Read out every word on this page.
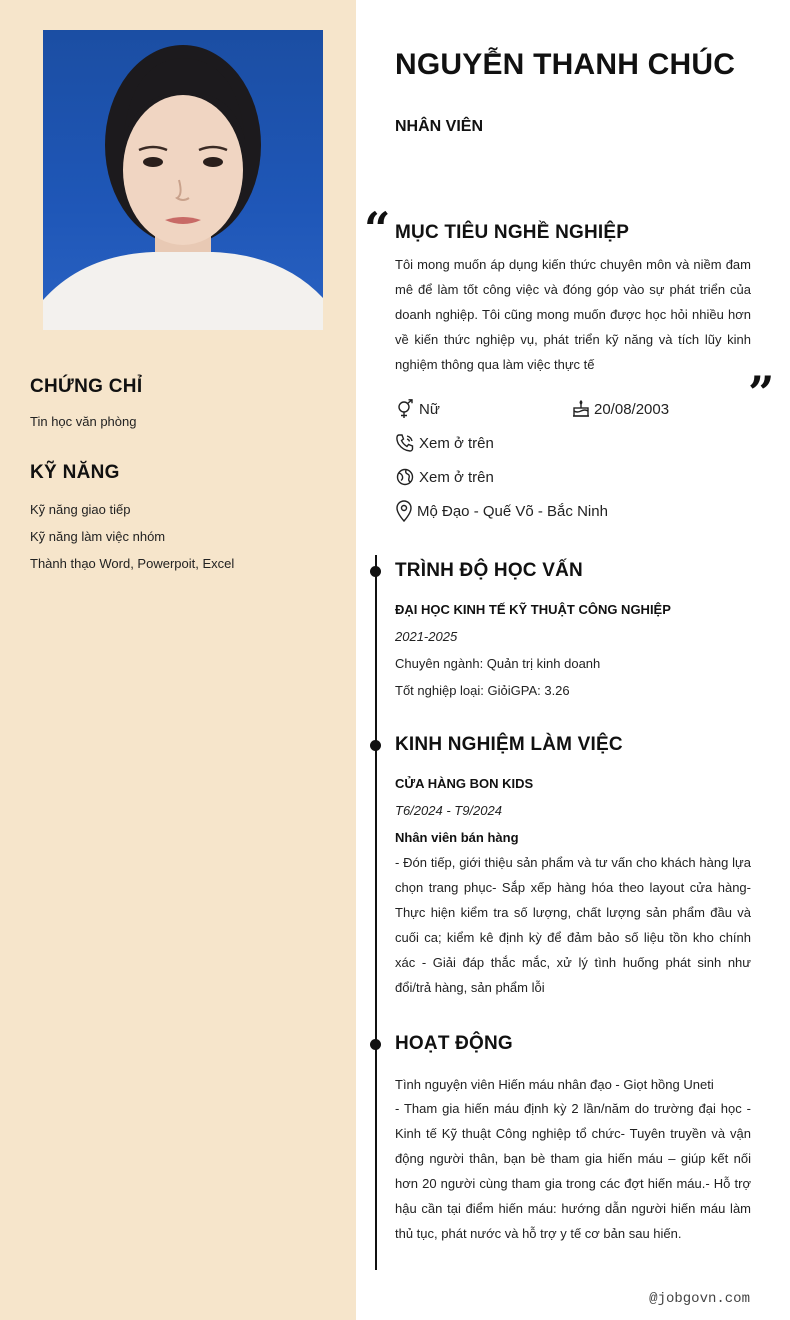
CHỨNG CHỈ
Tin học văn phòng
KỸ NĂNG
Kỹ năng giao tiếp
Kỹ năng làm việc nhóm
Thành thạo Word, Powerpoit, Excel
NGUYỄN THANH CHÚC
NHÂN VIÊN
“ MỤC TIÊU NGHỀ NGHIỆP
Tôi mong muốn áp dụng kiến thức chuyên môn và niềm đam
mê để làm tốt công việc và đóng góp vào sự phát triển của
doanh nghiệp. Tôi cũng mong muốn được học hỏi nhiều hơn
về kiến thức nghiệp vụ, phát triển kỹ năng và tích lũy kinh
nghiệm thông qua làm việc thực tế
”
Nữ	20/08/2003
Xem ở trên
Xem ở trên
Mộ Đạo - Quế Võ - Bắc Ninh
TRÌNH ĐỘ HỌC VẤN
ĐẠI HỌC KINH TẾ KỸ THUẬT CÔNG NGHIỆP
2021-2025
Chuyên ngành: Quản trị kinh doanh
Tốt nghiệp loại: GiỏiGPA: 3.26
KINH NGHIỆM LÀM VIỆC
CỬA HÀNG BON KIDS
T6/2024 - T9/2024
Nhân viên bán hàng
- Đón tiếp, giới thiệu sản phẩm và tư vấn cho khách hàng lựa
chọn trang phục- Sắp xếp hàng hóa theo layout cửa hàng-
Thực hiện kiểm tra số lượng, chất lượng sản phẩm đầu và
cuối ca; kiểm kê định kỳ để đảm bảo số liệu tồn kho chính
xác - Giải đáp thắc mắc, xử lý tình huống phát sinh như
đổi/trả hàng, sản phẩm lỗi
HOẠT ĐỘNG
Tình nguyện viên Hiến máu nhân đạo - Giọt hồng Uneti
- Tham gia hiến máu định kỳ 2 lần/năm do trường đại học -
Kinh tế Kỹ thuật Công nghiệp tổ chức- Tuyên truyền và vận
động người thân, bạn bè tham gia hiến máu – giúp kết nối
hơn 20 người cùng tham gia trong các đợt hiến máu.- Hỗ trợ
hậu cần tại điểm hiến máu: hướng dẫn người hiến máu làm
thủ tục, phát nước và hỗ trợ y tế cơ bản sau hiến.
@jobgovn.com
